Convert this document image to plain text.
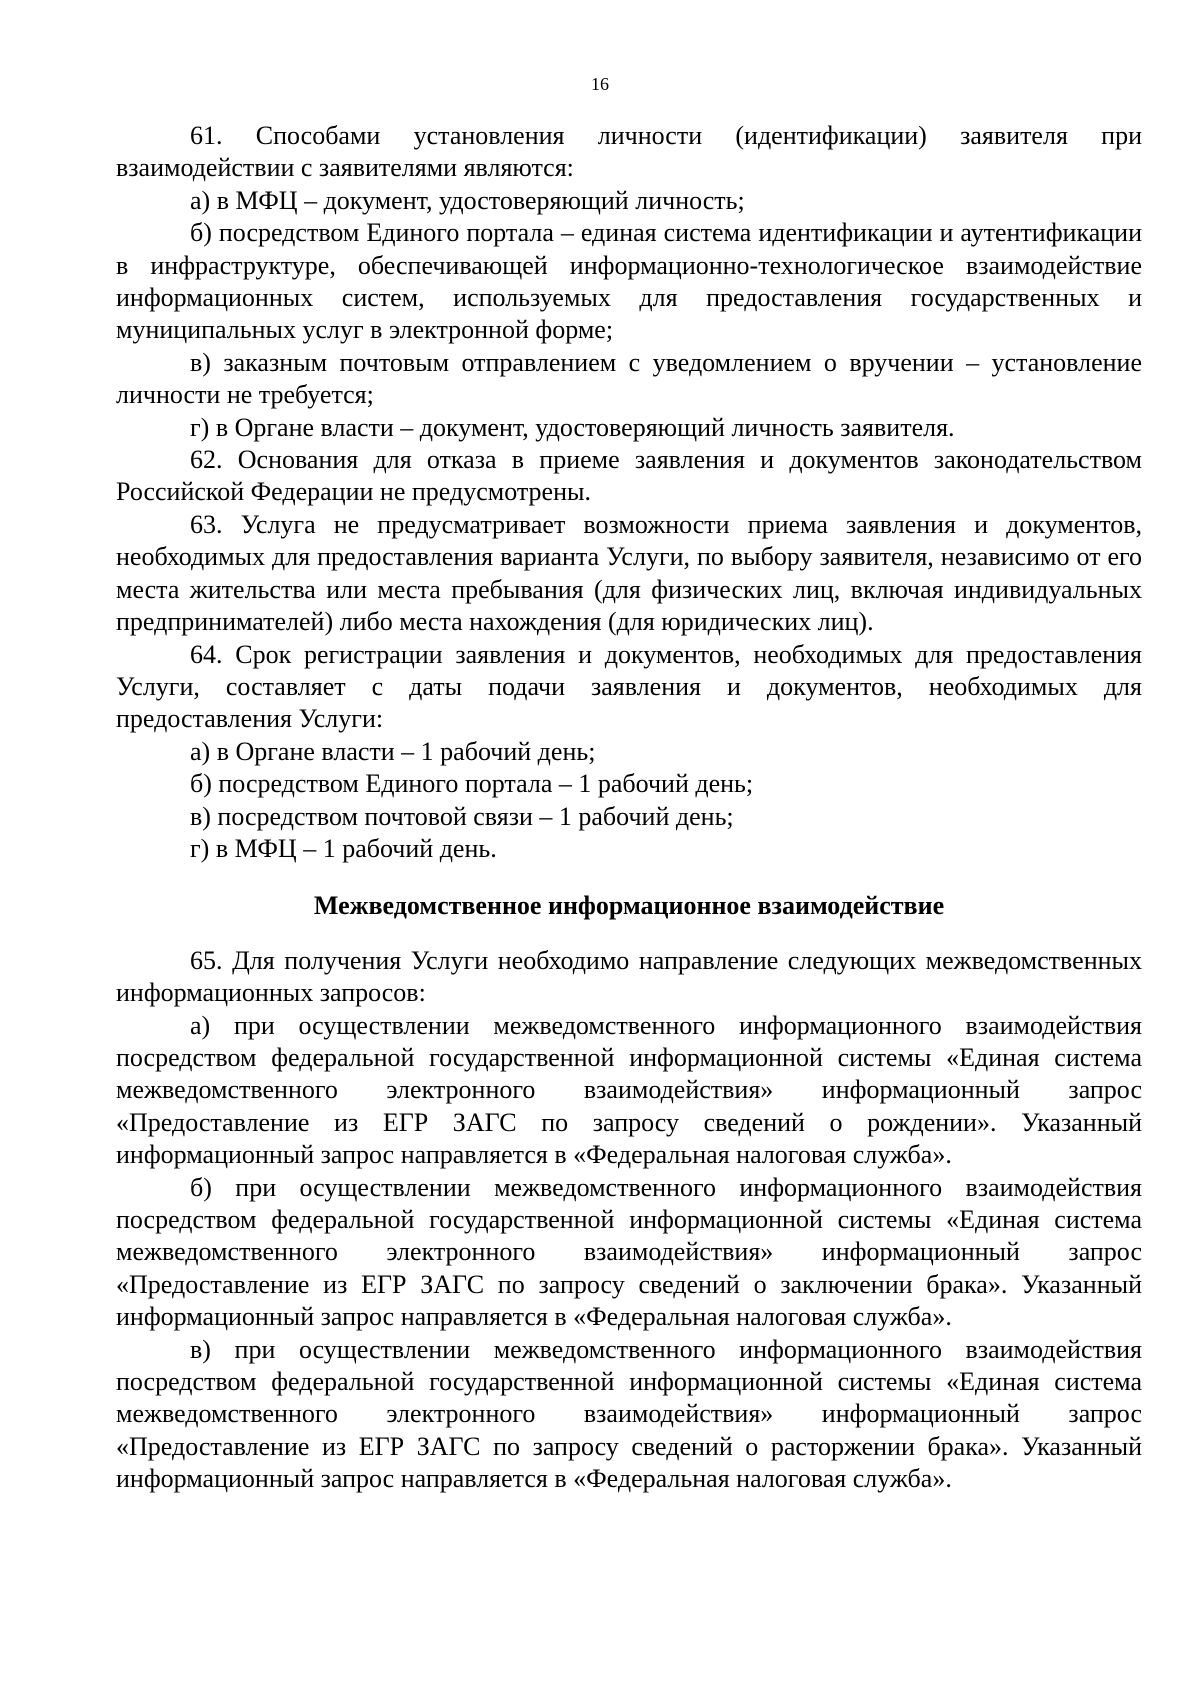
16

61. Способами установления личности (идентификации) заявителя при взаимодействии с заявителями являются:

а) в МФЦ – документ, удостоверяющий личность;

б) посредством Единого портала – единая система идентификации и аутентификации в инфраструктуре, обеспечивающей информационно-технологическое взаимодействие информационных систем, используемых для предоставления государственных и муниципальных услуг в электронной форме;

в) заказным почтовым отправлением с уведомлением о вручении – установление личности не требуется;

г) в Органе власти – документ, удостоверяющий личность заявителя.

62. Основания для отказа в приеме заявления и документов законодательством Российской Федерации не предусмотрены.

63. Услуга не предусматривает возможности приема заявления и документов, необходимых для предоставления варианта Услуги, по выбору заявителя, независимо от его места жительства или места пребывания (для физических лиц, включая индивидуальных предпринимателей) либо места нахождения (для юридических лиц).

64. Срок регистрации заявления и документов, необходимых для предоставления Услуги, составляет с даты подачи заявления и документов, необходимых для предоставления Услуги:

а) в Органе власти – 1 рабочий день;

б) посредством Единого портала – 1 рабочий день;

в) посредством почтовой связи – 1 рабочий день;

г) в МФЦ – 1 рабочий день.

Межведомственное информационное взаимодействие

65. Для получения Услуги необходимо направление следующих межведомственных информационных запросов:

а) при осуществлении межведомственного информационного взаимодействия посредством федеральной государственной информационной системы «Единая система межведомственного электронного взаимодействия» информационный запрос «Предоставление из ЕГР ЗАГС по запросу сведений о рождении». Указанный информационный запрос направляется в «Федеральная налоговая служба».

б) при осуществлении межведомственного информационного взаимодействия посредством федеральной государственной информационной системы «Единая система межведомственного электронного взаимодействия» информационный запрос «Предоставление из ЕГР ЗАГС по запросу сведений о заключении брака». Указанный информационный запрос направляется в «Федеральная налоговая служба».

в) при осуществлении межведомственного информационного взаимодействия посредством федеральной государственной информационной системы «Единая система межведомственного электронного взаимодействия» информационный запрос «Предоставление из ЕГР ЗАГС по запросу сведений о расторжении брака». Указанный информационный запрос направляется в «Федеральная налоговая служба».
